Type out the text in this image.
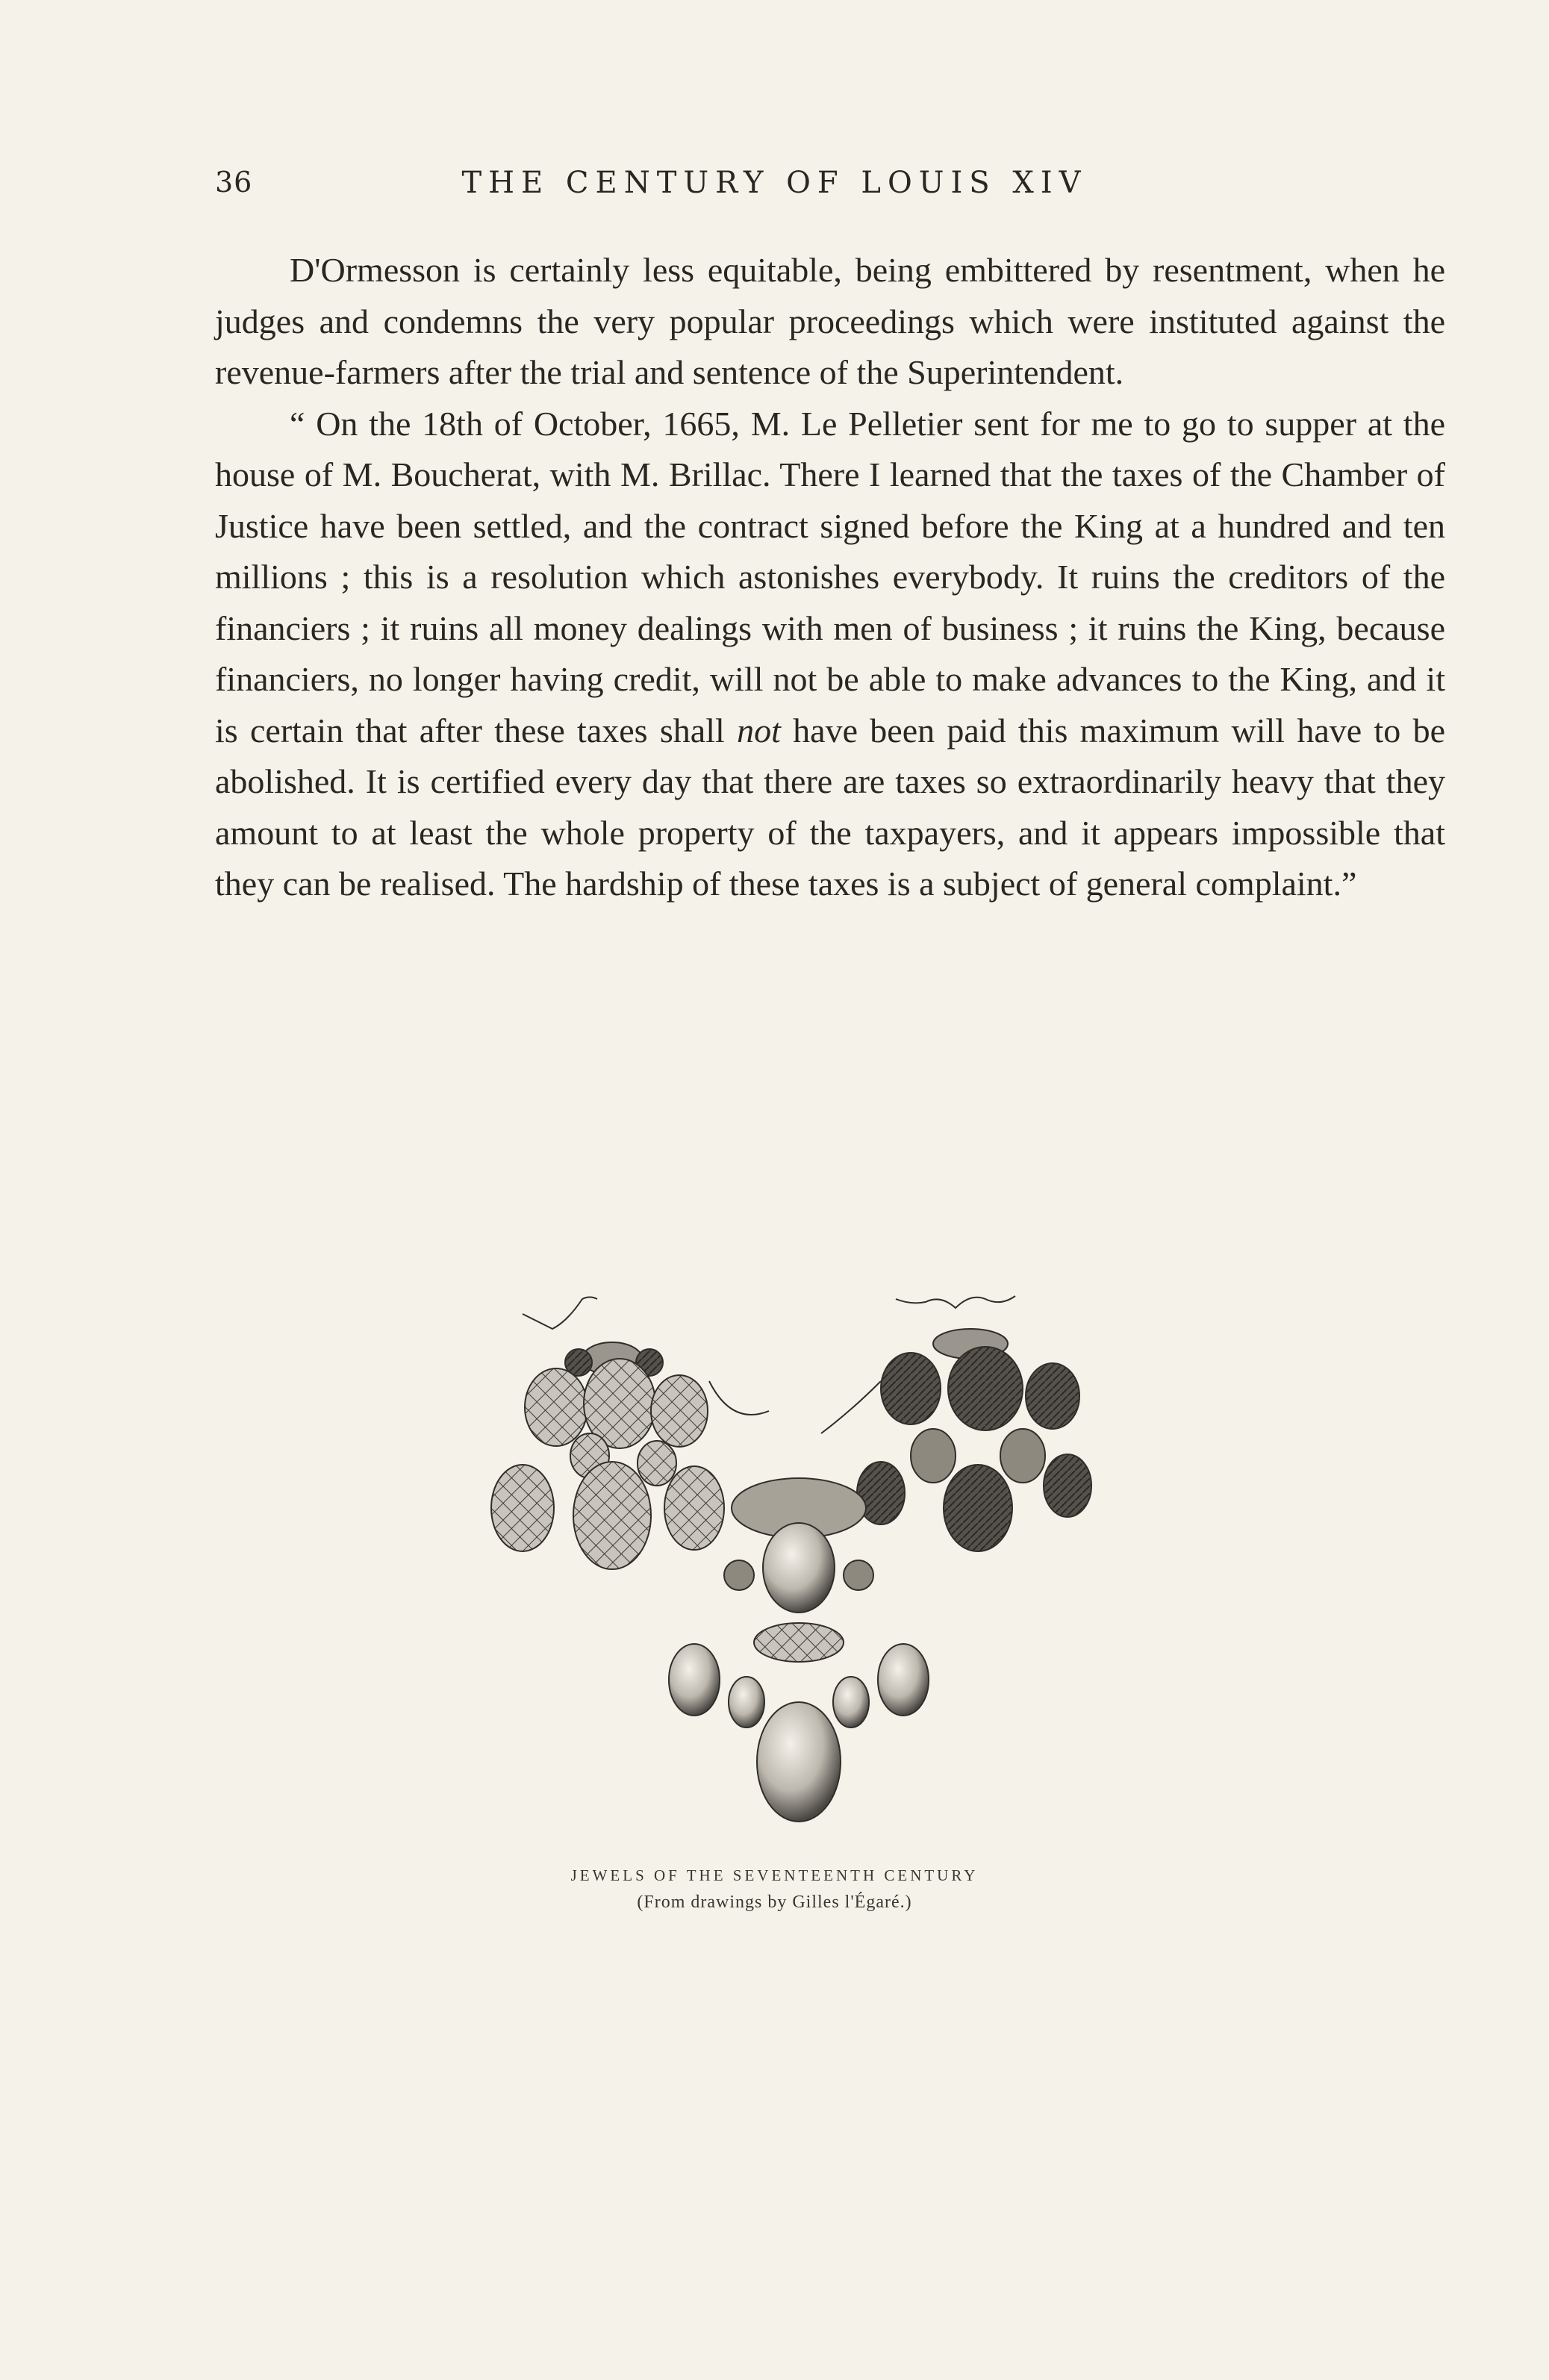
36	THE CENTURY OF LOUIS XIV

D'Ormesson is certainly less equitable, being embittered by resentment, when he judges and condemns the very popular proceedings which were instituted against the revenue-farmers after the trial and sentence of the Superintendent.

“ On the 18th of October, 1665, M. Le Pelletier sent for me to go to supper at the house of M. Boucherat, with M. Brillac. There I learned that the taxes of the Chamber of Justice have been settled, and the contract signed before the King at a hundred and ten millions ; this is a resolution which astonishes everybody. It ruins the creditors of the financiers ; it ruins all money dealings with men of business ; it ruins the King, because financiers, no longer having credit, will not be able to make advances to the King, and it is certain that after these taxes shall not have been paid this maximum will have to be abolished. It is certified every day that there are taxes so extraordinarily heavy that they amount to at least the whole property of the taxpayers, and it appears impossible that they can be realised. The hardship of these taxes is a subject of general complaint.”

JEWELS OF THE SEVENTEENTH CENTURY
(From drawings by Gilles l'Égaré.)
